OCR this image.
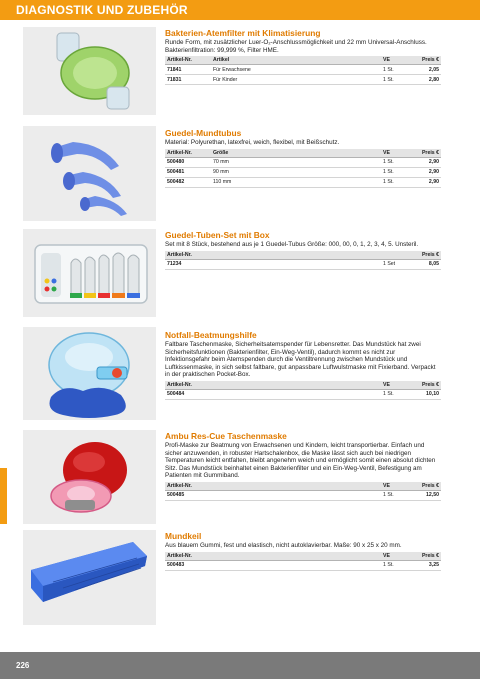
DIAGNOSTIK UND ZUBEHÖR
Bakterien-Atemfilter mit Klimatisierung
Runde Form, mit zusätzlicher Luer-O₂-Anschlussmöglichkeit und 22 mm Universal-Anschluss. Bakterienfiltration: 99,999 %, Filter HME.
Artikel-Nr.	Artikel	VE	Preis €
71841	Für Erwachsene	1 St.	2,05
71831	Für Kinder	1 St.	2,80
Guedel-Mundtubus
Material: Polyurethan, latexfrei, weich, flexibel, mit Beißschutz.
Artikel-Nr.	Größe	VE	Preis €
500480	70 mm	1 St.	2,90
500481	90 mm	1 St.	2,90
500482	110 mm	1 St.	2,90
Guedel-Tuben-Set mit Box
Set mit 8 Stück, bestehend aus je 1 Guedel-Tubus Größe: 000, 00, 0, 1, 2, 3, 4, 5. Unsteril.
Artikel-Nr.			Preis €
71234		1 Set	8,05
Notfall-Beatmungshilfe
Faltbare Taschenmaske, Sicherheitsatemspender für Lebensretter. Das Mundstück hat zwei Sicherheitsfunktionen (Bakterienfilter, Ein-Weg-Ventil), dadurch kommt es nicht zur Infektionsgefahr beim Atemspenden durch die Ventiltrennung zwischen Mundstück und Luftkissenmaske, in sich selbst faltbare, gut anpassbare Luftwulstmaske mit Fixierband. Verpackt in der praktischen Pocket-Box.
Artikel-Nr.		VE	Preis €
500484		1 St.	10,10
Ambu Res-Cue Taschenmaske
Profi-Maske zur Beatmung von Erwachsenen und Kindern, leicht transportierbar. Einfach und sicher anzuwenden, in robuster Hartschalenbox, die Maske lässt sich auch bei niedrigen Temperaturen leicht entfalten, bleibt angenehm weich und ermöglicht somit einen absolut dichten Sitz. Das Mundstück beinhaltet einen Bakterienfilter und ein Ein-Weg-Ventil, Befestigung am Patienten mit Gummiband.
Artikel-Nr.		VE	Preis €
500485		1 St.	12,50
Mundkeil
Aus blauem Gummi, fest und elastisch, nicht autoklavierbar. Maße: 90 x 25 x 20 mm.
Artikel-Nr.		VE	Preis €
500483		1 St.	3,25
226
